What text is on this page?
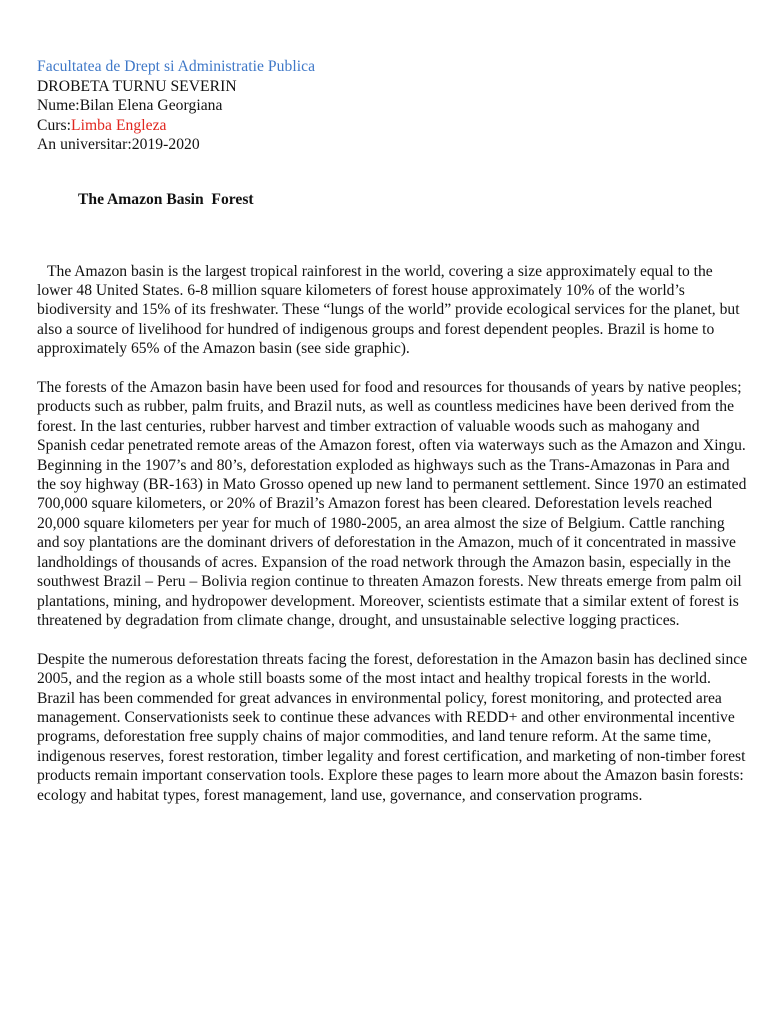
Facultatea de Drept si Administratie Publica
DROBETA TURNU SEVERIN
Nume:Bilan Elena Georgiana
Curs:Limba Engleza
An universitar:2019-2020
The Amazon Basin  Forest

The Amazon basin is the largest tropical rainforest in the world, covering a size approximately equal to the lower 48 United States. 6-8 million square kilometers of forest house approximately 10% of the world’s biodiversity and 15% of its freshwater. These “lungs of the world” provide ecological services for the planet, but also a source of livelihood for hundred of indigenous groups and forest dependent peoples. Brazil is home to approximately 65% of the Amazon basin (see side graphic).

The forests of the Amazon basin have been used for food and resources for thousands of years by native peoples; products such as rubber, palm fruits, and Brazil nuts, as well as countless medicines have been derived from the forest. In the last centuries, rubber harvest and timber extraction of valuable woods such as mahogany and Spanish cedar penetrated remote areas of the Amazon forest, often via waterways such as the Amazon and Xingu. Beginning in the 1907’s and 80’s, deforestation exploded as highways such as the Trans-Amazonas in Para and the soy highway (BR-163) in Mato Grosso opened up new land to permanent settlement. Since 1970 an estimated 700,000 square kilometers, or 20% of Brazil’s Amazon forest has been cleared. Deforestation levels reached 20,000 square kilometers per year for much of 1980-2005, an area almost the size of Belgium. Cattle ranching and soy plantations are the dominant drivers of deforestation in the Amazon, much of it concentrated in massive landholdings of thousands of acres. Expansion of the road network through the Amazon basin, especially in the southwest Brazil – Peru – Bolivia region continue to threaten Amazon forests. New threats emerge from palm oil plantations, mining, and hydropower development. Moreover, scientists estimate that a similar extent of forest is threatened by degradation from climate change, drought, and unsustainable selective logging practices.

Despite the numerous deforestation threats facing the forest, deforestation in the Amazon basin has declined since 2005, and the region as a whole still boasts some of the most intact and healthy tropical forests in the world. Brazil has been commended for great advances in environmental policy, forest monitoring, and protected area management. Conservationists seek to continue these advances with REDD+ and other environmental incentive programs, deforestation free supply chains of major commodities, and land tenure reform. At the same time, indigenous reserves, forest restoration, timber legality and forest certification, and marketing of non-timber forest products remain important conservation tools. Explore these pages to learn more about the Amazon basin forests: ecology and habitat types, forest management, land use, governance, and conservation programs.
